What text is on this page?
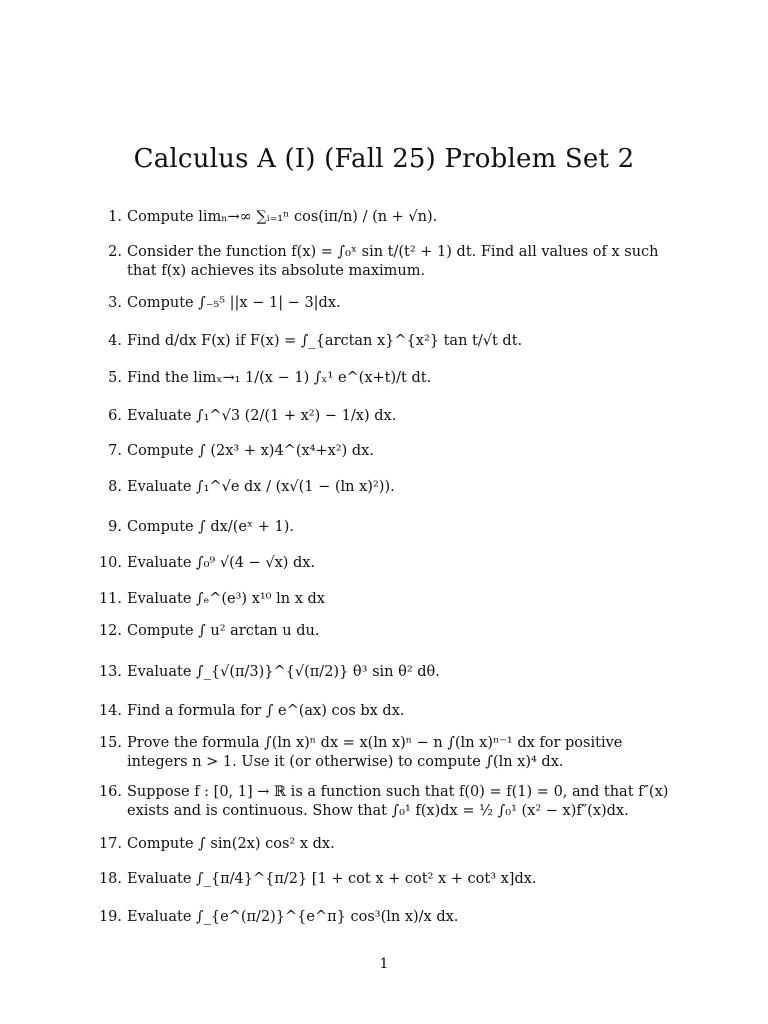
Calculus A (I) (Fall 25) Problem Set 2
1. Compute limₙ→∞ ∑ᵢ₌₁ⁿ cos(iπ/n) / (n + √n).
2. Consider the function f(x) = ∫₀ˣ sin t/(t² + 1) dt. Find all values of x such that f(x) achieves its absolute maximum.
3. Compute ∫₋₅⁵ ||x − 1| − 3|dx.
4. Find d/dx F(x) if F(x) = ∫_{arctan x}^{x²} tan t/√t dt.
5. Find the limₓ→₁ 1/(x − 1) ∫ₓ¹ e^(x+t)/t dt.
6. Evaluate ∫₁^√3 (2/(1 + x²) − 1/x) dx.
7. Compute ∫ (2x³ + x)4^(x⁴+x²) dx.
8. Evaluate ∫₁^√e dx / (x√(1 − (ln x)²)).
9. Compute ∫ dx/(eˣ + 1).
10. Evaluate ∫₀⁹ √(4 − √x) dx.
11. Evaluate ∫ₑ^(e³) x¹⁰ ln x dx
12. Compute ∫ u² arctan u du.
13. Evaluate ∫_{√(π/3)}^{√(π/2)} θ³ sin θ² dθ.
14. Find a formula for ∫ e^(ax) cos bx dx.
15. Prove the formula ∫(ln x)ⁿ dx = x(ln x)ⁿ − n ∫(ln x)ⁿ⁻¹ dx for positive integers n > 1. Use it (or otherwise) to compute ∫(ln x)⁴ dx.
16. Suppose f : [0, 1] → ℝ is a function such that f(0) = f(1) = 0, and that f″(x) exists and is continuous. Show that ∫₀¹ f(x)dx = ½ ∫₀¹ (x² − x)f″(x)dx.
17. Compute ∫ sin(2x) cos² x dx.
18. Evaluate ∫_{π/4}^{π/2} [1 + cot x + cot² x + cot³ x]dx.
19. Evaluate ∫_{e^(π/2)}^{e^π} cos³(ln x)/x dx.
1
